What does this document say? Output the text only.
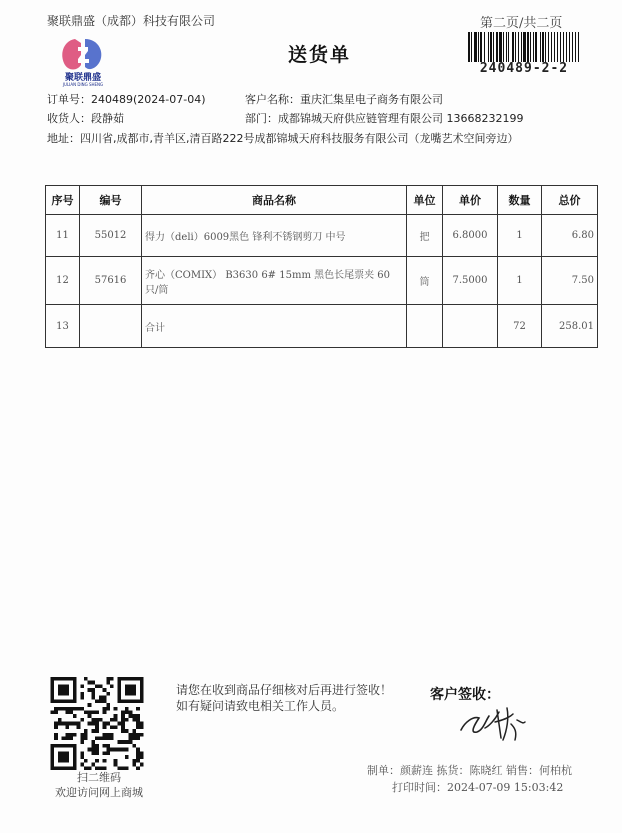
聚联鼎盛（成都）科技有限公司	第二页/共二页
聚联鼎盛
JULIAN DING SHENG
送货单
240489-2-2
订单号：240489(2024-07-04)	客户名称：重庆汇集星电子商务有限公司
收货人：段静茹	部门：成都锦城天府供应链管理有限公司 13668232199
地址：四川省,成都市,青羊区,清百路222号成都锦城天府科技服务有限公司（龙嘴艺术空间旁边）
序号	编号	商品名称	单位	单价	数量	总价
11	55012	得力（deli）6009黑色 锋利不锈钢剪刀 中号	把	6.8000	1	6.80
12	57616	齐心（COMIX） B3630 6# 15mm 黑色长尾票夹 60只/筒	筒	7.5000	1	7.50
13		合计			72	258.01
扫二维码
欢迎访问网上商城
请您在收到商品仔细核对后再进行签收！如有疑问请致电相关工作人员。
客户签收：
制单：颜薪连 拣货：陈晓红 销售：何柏杭
打印时间：2024-07-09 15:03:42
